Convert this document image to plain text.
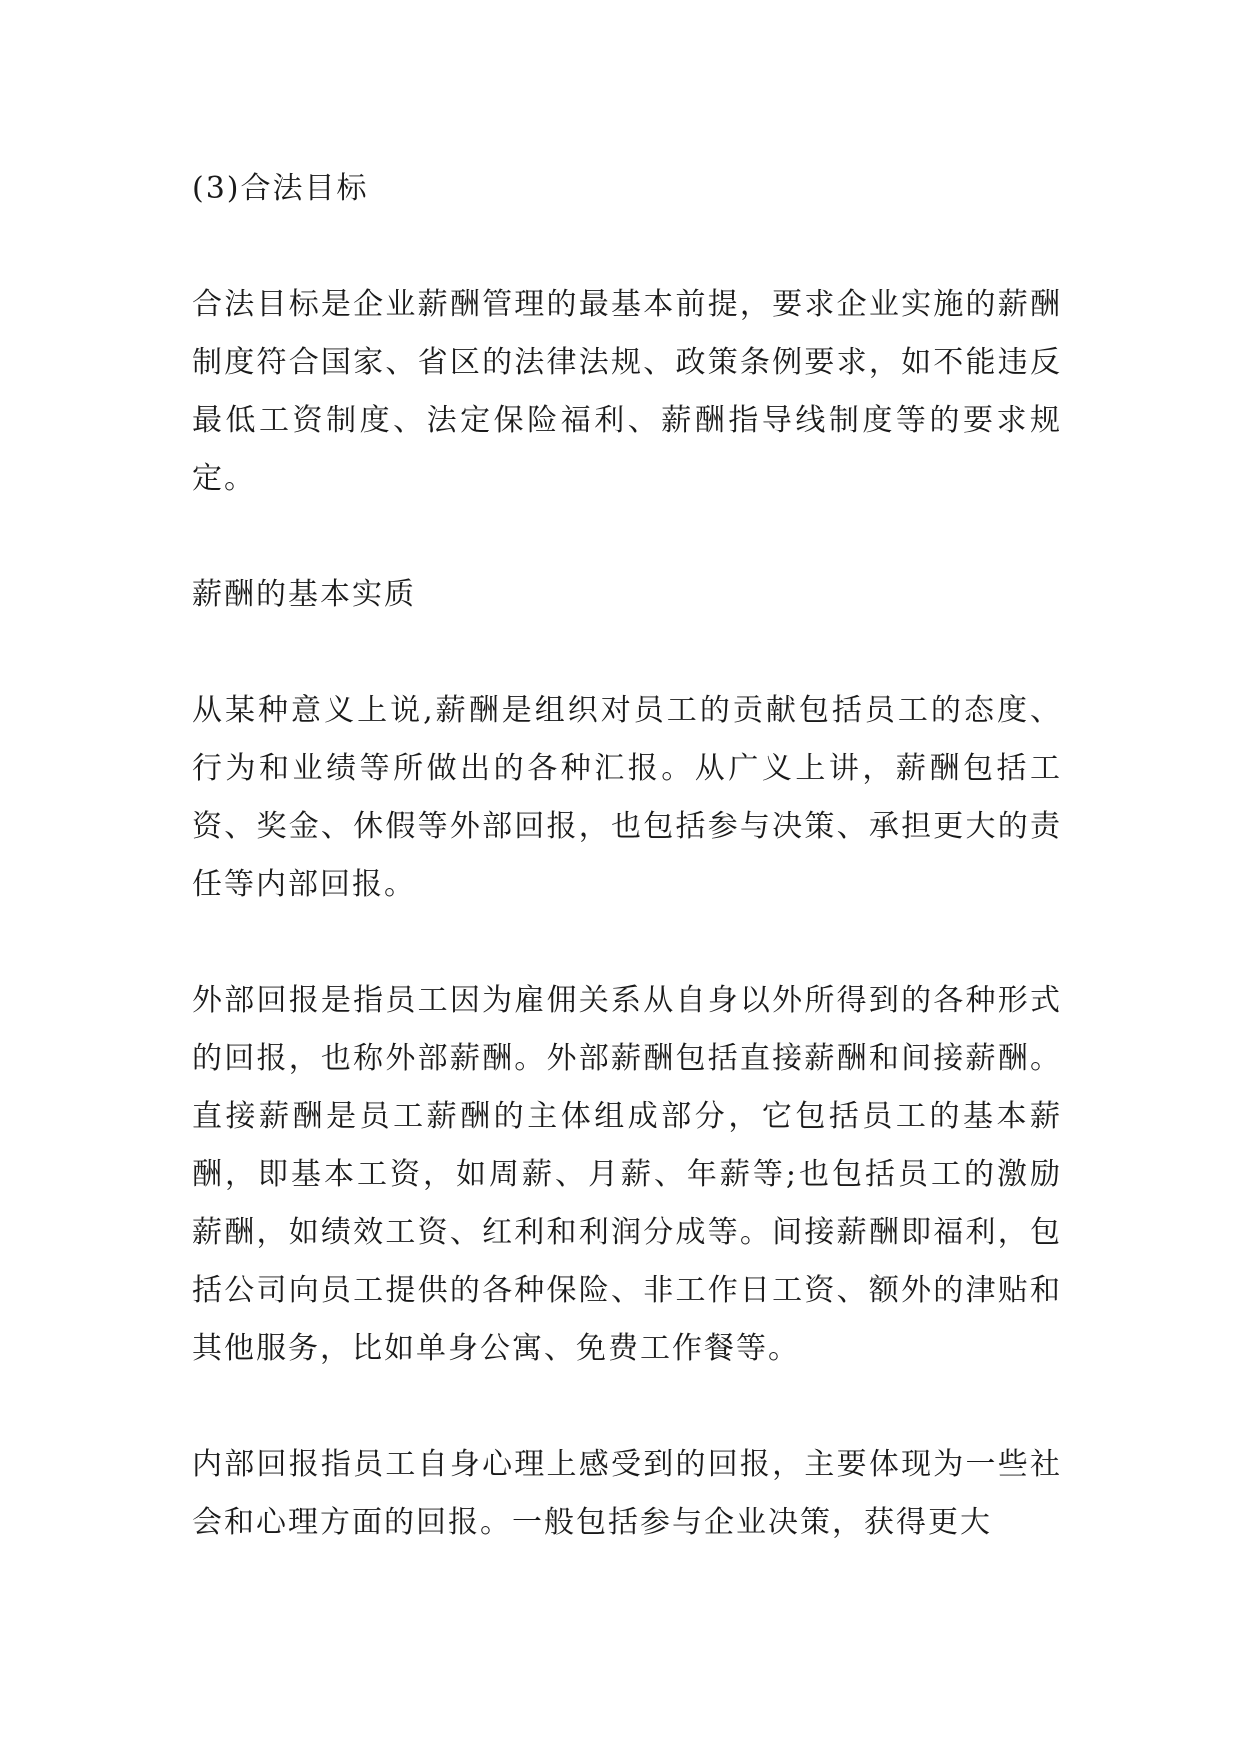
(3)合法目标

合法目标是企业薪酬管理的最基本前提，要求企业实施的薪酬制度符合国家、省区的法律法规、政策条例要求，如不能违反最低工资制度、法定保险福利、薪酬指导线制度等的要求规定。

薪酬的基本实质

从某种意义上说,薪酬是组织对员工的贡献包括员工的态度、行为和业绩等所做出的各种汇报。从广义上讲，薪酬包括工资、奖金、休假等外部回报，也包括参与决策、承担更大的责任等内部回报。

外部回报是指员工因为雇佣关系从自身以外所得到的各种形式的回报，也称外部薪酬。外部薪酬包括直接薪酬和间接薪酬。直接薪酬是员工薪酬的主体组成部分，它包括员工的基本薪酬，即基本工资，如周薪、月薪、年薪等;也包括员工的激励薪酬，如绩效工资、红利和利润分成等。间接薪酬即福利，包括公司向员工提供的各种保险、非工作日工资、额外的津贴和其他服务，比如单身公寓、免费工作餐等。

内部回报指员工自身心理上感受到的回报，主要体现为一些社会和心理方面的回报。一般包括参与企业决策，获得更大
